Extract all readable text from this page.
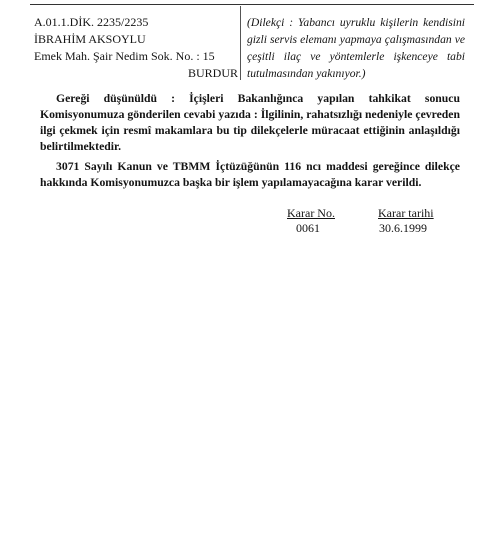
A.01.1.DİK. 2235/2235
İBRAHİM AKSOYLU
Emek Mah. Şair Nedim Sok. No. : 15
BURDUR
(Dilekçi : Yabancı uyruklu kişilerin kendisini gizli servis elemanı yapmaya çalışmasından ve çeşitli ilaç ve yöntemlerle işkenceye tabi tutulmasından yakınıyor.)

Gereği düşünüldü : İçişleri Bakanlığınca yapılan tahkikat sonucu Komisyonumuza gönderilen cevabi yazıda : İlgilinin, rahatsızlığı nedeniyle çevreden ilgi çekmek için resmî makamlara bu tip dilekçelerle müracaat ettiğinin anlaşıldığı belirtilmektedir.

3071 Sayılı Kanun ve TBMM İçtüzüğünün 116 ncı maddesi gereğince dilekçe hakkında Komisyonumuzca başka bir işlem yapılamayacağına karar verildi.

Karar No.
0061
Karar tarihi
30.6.1999
